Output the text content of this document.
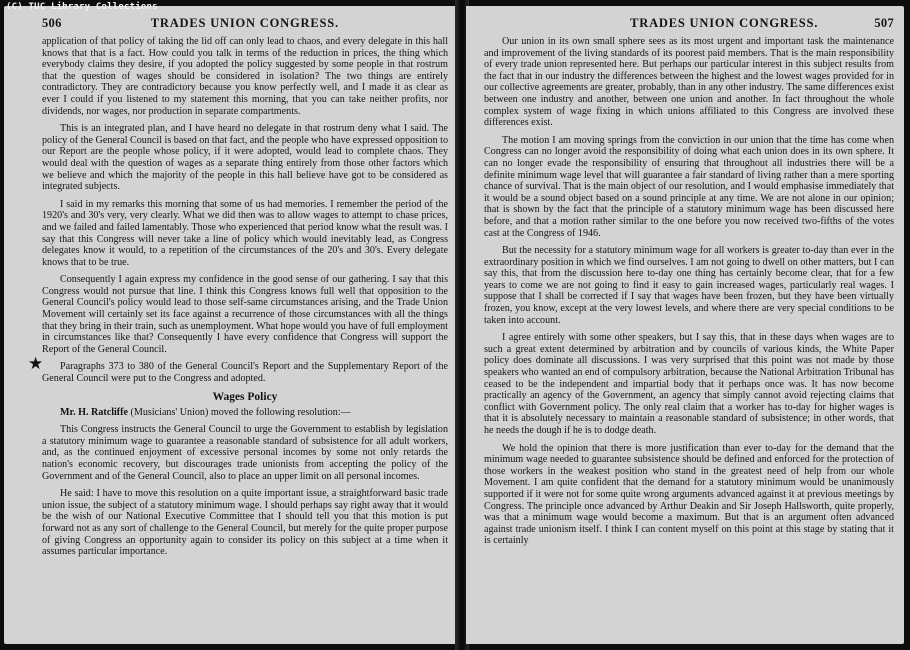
(C) TUC Library Collections
506	TRADES UNION CONGRESS.

application of that policy of taking the lid off can only lead to chaos, and every delegate in this hall knows that that is a fact. How could you talk in terms of the reduction in prices, the thing which everybody claims they desire, if you adopted the policy suggested by some people in that rostrum that the question of wages should be considered in isolation? The two things are entirely contradictory. They are contradictory because you know perfectly well, and I made it as clear as ever I could if you listened to my statement this morning, that you can take neither profits, nor dividends, nor wages, nor production in separate compartments.

This is an integrated plan, and I have heard no delegate in that rostrum deny what I said. The policy of the General Council is based on that fact, and the people who have expressed opposition to our Report are the people whose policy, if it were adopted, would lead to complete chaos. They would deal with the question of wages as a separate thing entirely from those other factors which we believe and which the majority of the people in this hall believe have got to be considered as integrated subjects.

I said in my remarks this morning that some of us had memories. I remember the period of the 1920's and 30's very, very clearly. What we did then was to allow wages to attempt to chase prices, and we failed and failed lamentably. Those who experienced that period know what the result was. I say that this Congress will never take a line of policy which would inevitably lead, as Congress delegates know it would, to a repetition of the circumstances of the 20's and 30's. Every delegate knows that to be true.

Consequently I again express my confidence in the good sense of our gathering. I say that this Congress would not pursue that line. I think this Congress knows full well that opposition to the General Council's policy would lead to those self-same circumstances arising, and the Trade Union Movement will certainly set its face against a recurrence of those circumstances with all the things that they bring in their train, such as unemployment. What hope would you have of full employment in circumstances like that? Consequently I have every confidence that Congress will support the Report of the General Council.

★ Paragraphs 373 to 380 of the General Council's Report and the Supplementary Report of the General Council were put to the Congress and adopted.

Wages Policy

Mr. H. Ratcliffe (Musicians' Union) moved the following resolution:—

This Congress instructs the General Council to urge the Government to establish by legislation a statutory minimum wage to guarantee a reasonable standard of subsistence for all adult workers, and, as the continued enjoyment of excessive personal incomes by some not only retards the nation's economic recovery, but discourages trade unionists from accepting the policy of the Government and of the General Council, also to place an upper limit on all personal incomes.

He said: I have to move this resolution on a quite important issue, a straightforward basic trade union issue, the subject of a statutory minimum wage. I should perhaps say right away that it would be the wish of our National Executive Committee that I should tell you that this motion is put forward not as any sort of challenge to the General Council, but merely for the quite proper purpose of giving Congress an opportunity again to consider its policy on this subject at a time when it assumes particular importance.

TRADES UNION CONGRESS.	507

Our union in its own small sphere sees as its most urgent and important task the maintenance and improvement of the living standards of its poorest paid members. That is the main responsibility of every trade union represented here. But perhaps our particular interest in this subject results from the fact that in our industry the differences between the highest and the lowest wages provided for in our collective agreements are greater, probably, than in any other industry. The same differences exist between one industry and another, between one union and another. In fact throughout the whole complex system of wage fixing in which unions affiliated to this Congress are involved these differences exist.

The motion I am moving springs from the conviction in our union that the time has come when Congress can no longer avoid the responsibility of doing what each union does in its own sphere. It can no longer evade the responsibility of ensuring that throughout all industries there will be a definite minimum wage level that will guarantee a fair standard of living rather than a mere sporting chance of survival. That is the main object of our resolution, and I would emphasise immediately that it would be a sound object based on a sound principle at any time. We are not alone in our opinion; that is shown by the fact that the principle of a statutory minimum wage has been discussed here before, and that a motion rather similar to the one before you now received two-fifths of the votes cast at the Congress of 1946.

But the necessity for a statutory minimum wage for all workers is greater to-day than ever in the extraordinary position in which we find ourselves. I am not going to dwell on other matters, but I can say this, that from the discussion here to-day one thing has certainly become clear, that for a few years to come we are not going to find it easy to gain increased wages, particularly real wages. I suppose that I shall be corrected if I say that wages have been frozen, but they have been virtually frozen, you know, except at the very lowest levels, and where there are very special conditions to be taken into account.

I agree entirely with some other speakers, but I say this, that in these days when wages are to such a great extent determined by arbitration and by councils of various kinds, the White Paper policy does dominate all discussions. I was very surprised that this point was not made by those speakers who wanted an end of compulsory arbitration, because the National Arbitration Tribunal has ceased to be the independent and impartial body that it perhaps once was. It has now become practically an agency of the Government, an agency that simply cannot avoid rejecting claims that conflict with Government policy. The only real claim that a worker has to-day for higher wages is that it is absolutely necessary to maintain a reasonable standard of subsistence; in other words, that he needs the dough if he is to dodge death.

We hold the opinion that there is more justification than ever to-day for the demand that the minimum wage needed to guarantee subsistence should be defined and enforced for the protection of those workers in the weakest position who stand in the greatest need of help from our whole Movement. I am quite confident that the demand for a statutory minimum would be unanimously supported if it were not for some quite wrong arguments advanced against it at previous meetings by Congress. The principle once advanced by Arthur Deakin and Sir Joseph Hallsworth, quite properly, was that a minimum wage would become a maximum. But that is an argument often advanced against trade unionism itself. I think I can content myself on this point at this stage by stating that it is certainly
